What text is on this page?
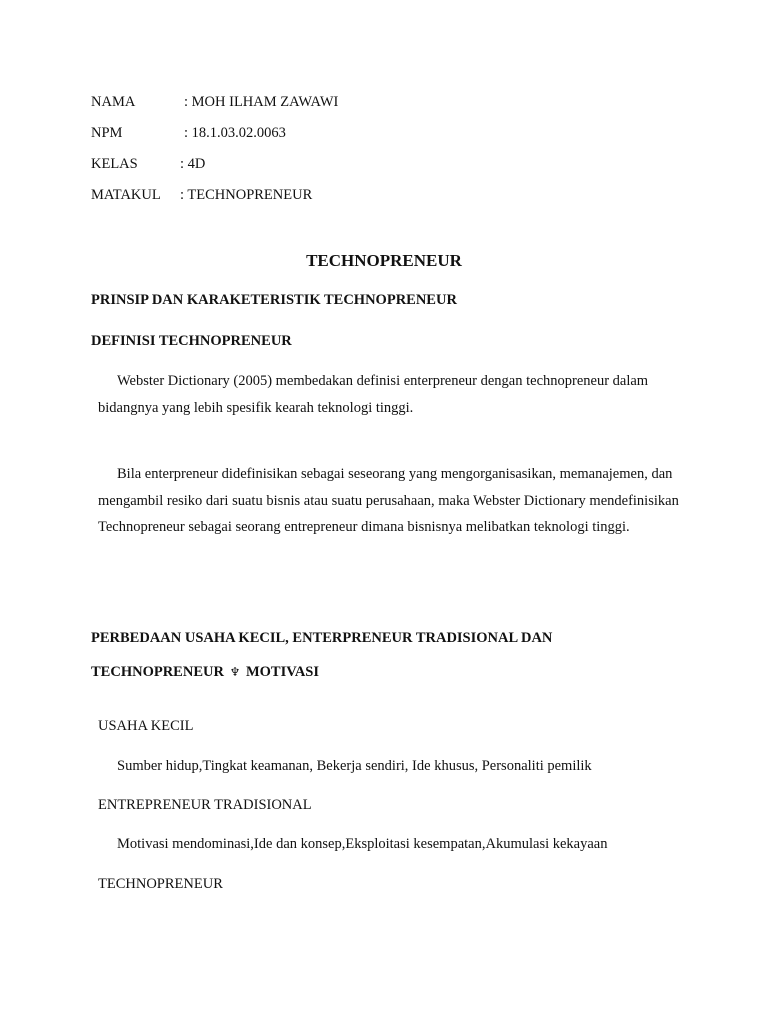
NAMA	: MOH ILHAM ZAWAWI
NPM	: 18.1.03.02.0063
KELAS	: 4D
MATAKUL : TECHNOPRENEUR
TECHNOPRENEUR
PRINSIP DAN KARAKETERISTIK TECHNOPRENEUR
DEFINISI TECHNOPRENEUR
Webster Dictionary (2005) membedakan definisi enterpreneur dengan technopreneur dalam bidangnya yang lebih spesifik kearah teknologi tinggi.
Bila enterpreneur didefinisikan sebagai seseorang yang mengorganisasikan, memanajemen, dan mengambil resiko dari suatu bisnis atau suatu perusahaan, maka Webster Dictionary mendefinisikan Technopreneur sebagai seorang entrepreneur dimana bisnisnya melibatkan teknologi tinggi.
PERBEDAAN USAHA KECIL, ENTERPRENEUR TRADISIONAL DAN
TECHNOPRENEUR ♆ MOTIVASI
USAHA KECIL
Sumber hidup,Tingkat keamanan, Bekerja sendiri, Ide khusus, Personaliti pemilik
ENTREPRENEUR TRADISIONAL
Motivasi mendominasi,Ide dan konsep,Eksploitasi kesempatan,Akumulasi kekayaan
TECHNOPRENEUR
